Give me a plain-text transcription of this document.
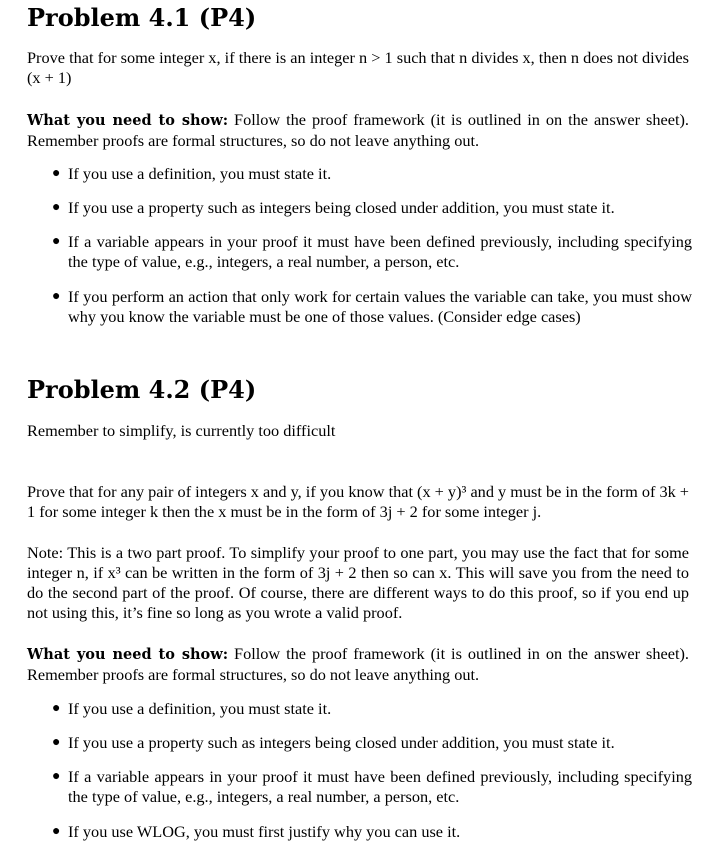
Problem 4.1 (P4)

Prove that for some integer x, if there is an integer n > 1 such that n divides x, then n does not divides (x + 1)

What you need to show: Follow the proof framework (it is outlined in on the answer sheet). Remember proofs are formal structures, so do not leave anything out.

● If you use a definition, you must state it.
● If you use a property such as integers being closed under addition, you must state it.
● If a variable appears in your proof it must have been defined previously, including specifying the type of value, e.g., integers, a real number, a person, etc.
● If you perform an action that only work for certain values the variable can take, you must show why you know the variable must be one of those values. (Consider edge cases)
Problem 4.2 (P4)

Remember to simplify, is currently too difficult

Prove that for any pair of integers x and y, if you know that (x + y)³ and y must be in the form of 3k + 1 for some integer k then the x must be in the form of 3j + 2 for some integer j.

Note: This is a two part proof. To simplify your proof to one part, you may use the fact that for some integer n, if x³ can be written in the form of 3j + 2 then so can x. This will save you from the need to do the second part of the proof. Of course, there are different ways to do this proof, so if you end up not using this, it’s fine so long as you wrote a valid proof.

What you need to show: Follow the proof framework (it is outlined in on the answer sheet). Remember proofs are formal structures, so do not leave anything out.

● If you use a definition, you must state it.
● If you use a property such as integers being closed under addition, you must state it.
● If a variable appears in your proof it must have been defined previously, including specifying the type of value, e.g., integers, a real number, a person, etc.
● If you use WLOG, you must first justify why you can use it.
